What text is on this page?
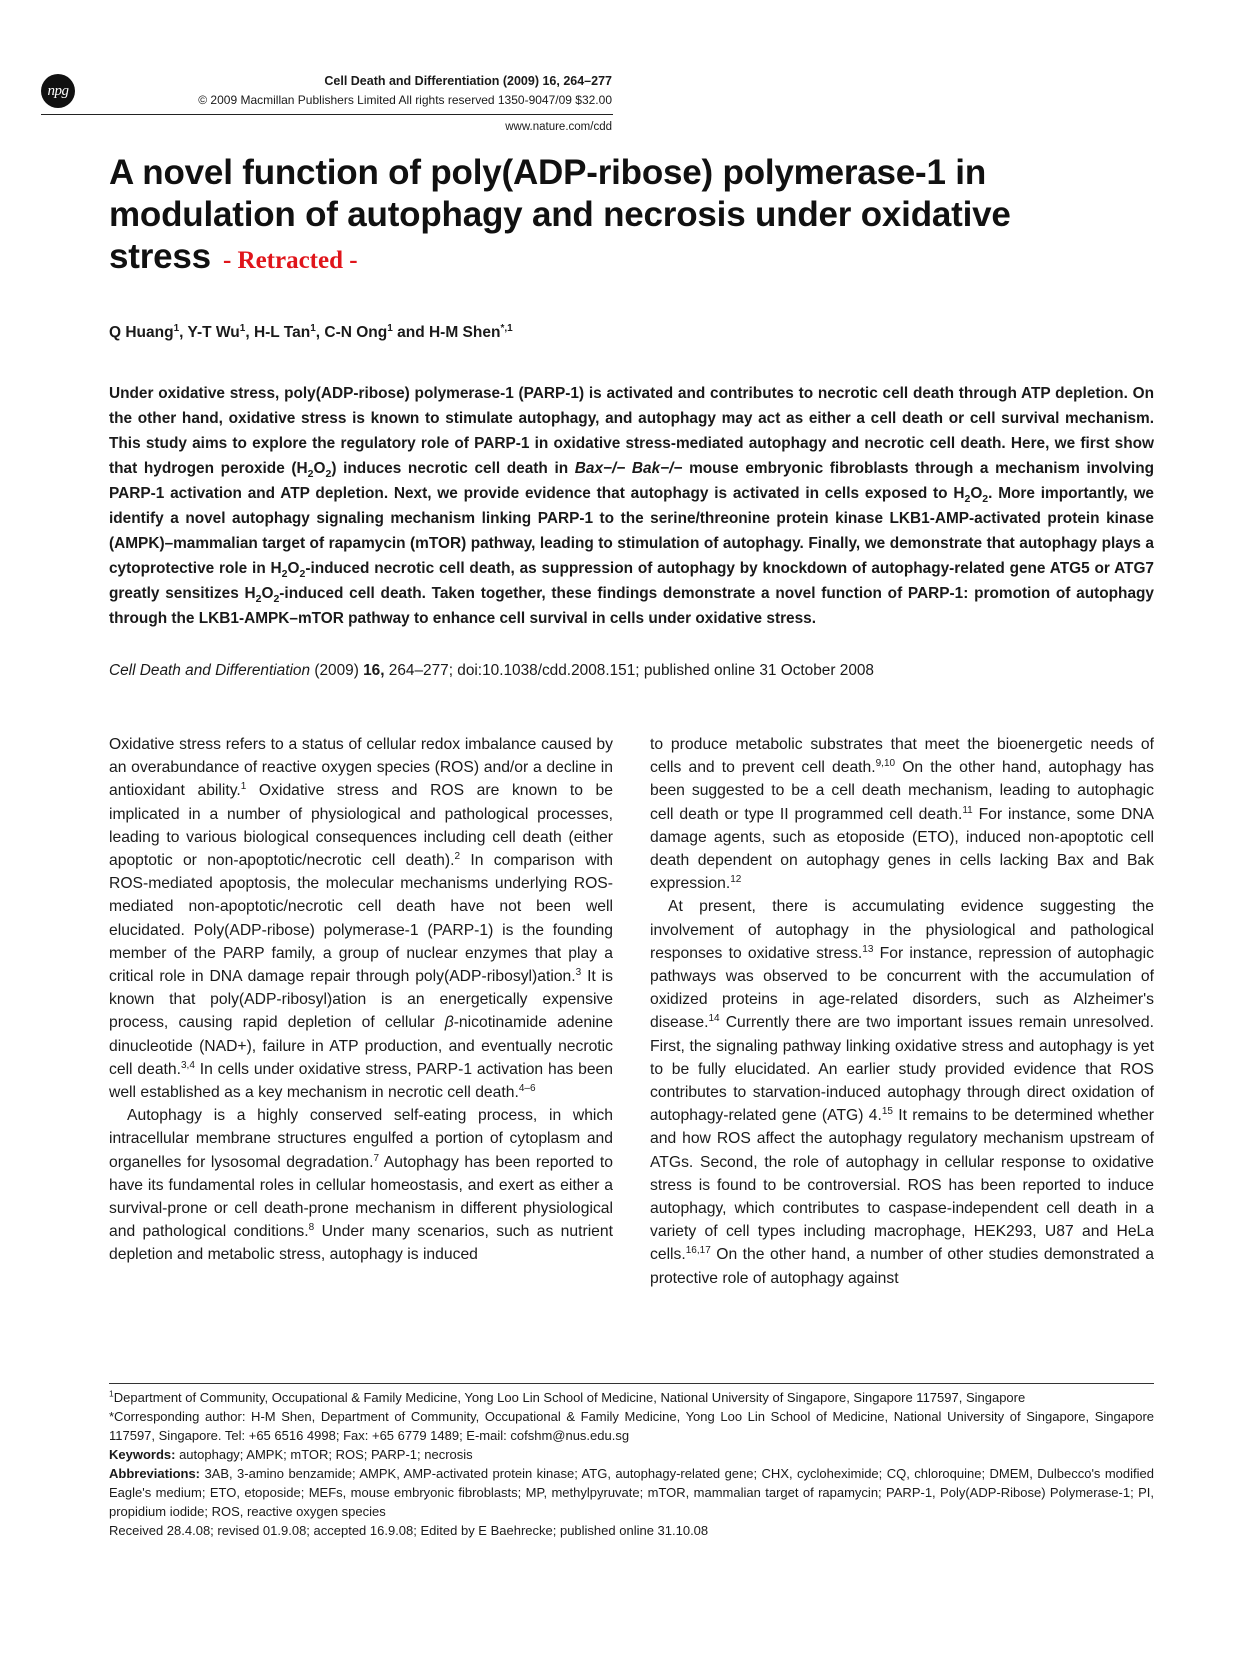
npg
Cell Death and Differentiation (2009) 16, 264–277
© 2009 Macmillan Publishers Limited All rights reserved 1350-9047/09 $32.00
www.nature.com/cdd
A novel function of poly(ADP-ribose) polymerase-1 in
modulation of autophagy and necrosis under oxidative
stress - Retracted -
Q Huang$^1$, Y-T Wu$^1$, H-L Tan$^1$, C-N Ong$^1$ and H-M Shen$^{*,1}$
Under oxidative stress, poly(ADP-ribose) polymerase-1 (PARP-1) is activated and contributes to necrotic cell death through ATP depletion. On the other hand, oxidative stress is known to stimulate autophagy, and autophagy may act as either a cell death or cell survival mechanism. This study aims to explore the regulatory role of PARP-1 in oxidative stress-mediated autophagy and necrotic cell death. Here, we first show that hydrogen peroxide $(H_2O_2)$ induces necrotic cell death in Bax−/− Bak−/− mouse embryonic fibroblasts through a mechanism involving PARP-1 activation and ATP depletion. Next, we provide evidence that autophagy is activated in cells exposed to $H_2O_2$. More importantly, we identify a novel autophagy signaling mechanism linking PARP-1 to the serine/threonine protein kinase LKB1-AMP-activated protein kinase (AMPK)–mammalian target of rapamycin (mTOR) pathway, leading to stimulation of autophagy. Finally, we demonstrate that autophagy plays a cytoprotective role in $H_2O_2$-induced necrotic cell death, as suppression of autophagy by knockdown of autophagy-related gene ATG5 or ATG7 greatly sensitizes $H_2O_2$-induced cell death. Taken together, these findings demonstrate a novel function of PARP-1: promotion of autophagy through the LKB1-AMPK–mTOR pathway to enhance cell survival in cells under oxidative stress.
Cell Death and Differentiation (2009) 16, 264–277; doi:10.1038/cdd.2008.151; published online 31 October 2008

Oxidative stress refers to a status of cellular redox imbalance caused by an overabundance of reactive oxygen species (ROS) and/or a decline in antioxidant ability.$^1$ Oxidative stress and ROS are known to be implicated in a number of physiological and pathological processes, leading to various biological consequences including cell death (either apoptotic or non-apoptotic/necrotic cell death).$^2$ In comparison with ROS-mediated apoptosis, the molecular mechanisms underlying ROS-mediated non-apoptotic/necrotic cell death have not been well elucidated. Poly(ADP-ribose) polymerase-1 (PARP-1) is the founding member of the PARP family, a group of nuclear enzymes that play a critical role in DNA damage repair through poly(ADP-ribosyl)ation.$^3$ It is known that poly(ADP-ribosyl)ation is an energetically expensive process, causing rapid depletion of cellular β-nicotinamide adenine dinucleotide (NAD+), failure in ATP production, and eventually necrotic cell death.$^{3,4}$ In cells under oxidative stress, PARP-1 activation has been well established as a key mechanism in necrotic cell death.$^{4-6}$

Autophagy is a highly conserved self-eating process, in which intracellular membrane structures engulfed a portion of cytoplasm and organelles for lysosomal degradation.$^7$ Autophagy has been reported to have its fundamental roles in cellular homeostasis, and exert as either a survival-prone or cell death-prone mechanism in different physiological and pathological conditions.$^8$ Under many scenarios, such as nutrient depletion and metabolic stress, autophagy is induced

to produce metabolic substrates that meet the bioenergetic needs of cells and to prevent cell death.$^{9,10}$ On the other hand, autophagy has been suggested to be a cell death mechanism, leading to autophagic cell death or type II programmed cell death.$^{11}$ For instance, some DNA damage agents, such as etoposide (ETO), induced non-apoptotic cell death dependent on autophagy genes in cells lacking Bax and Bak expression.$^{12}$

At present, there is accumulating evidence suggesting the involvement of autophagy in the physiological and pathological responses to oxidative stress.$^{13}$ For instance, repression of autophagic pathways was observed to be concurrent with the accumulation of oxidized proteins in age-related disorders, such as Alzheimer's disease.$^{14}$ Currently there are two important issues remain unresolved. First, the signaling pathway linking oxidative stress and autophagy is yet to be fully elucidated. An earlier study provided evidence that ROS contributes to starvation-induced autophagy through direct oxidation of autophagy-related gene (ATG) 4.15 It remains to be determined whether and how ROS affect the autophagy regulatory mechanism upstream of ATGs. Second, the role of autophagy in cellular response to oxidative stress is found to be controversial. ROS has been reported to induce autophagy, which contributes to caspase-independent cell death in a variety of cell types including macrophage, HEK293, U87 and HeLa cells.$^{16,17}$ On the other hand, a number of other studies demonstrated a protective role of autophagy against

$^1$Department of Community, Occupational & Family Medicine, Yong Loo Lin School of Medicine, National University of Singapore, Singapore 117597, Singapore

*Corresponding author: H-M Shen, Department of Community, Occupational & Family Medicine, Yong Loo Lin School of Medicine, National University of Singapore, Singapore 117597, Singapore. Tel: +65 6516 4998; Fax: +65 6779 1489; E-mail: cofshm@nus.edu.sg

Keywords: autophagy; AMPK; mTOR; ROS; PARP-1; necrosis

Abbreviations: 3AB, 3-amino benzamide; AMPK, AMP-activated protein kinase; ATG, autophagy-related gene; CHX, cycloheximide; CQ, chloroquine; DMEM, Dulbecco's modified Eagle's medium; ETO, etoposide; MEFs, mouse embryonic fibroblasts; MP, methylpyruvate; mTOR, mammalian target of rapamycin; PARP-1, Poly(ADP-Ribose) Polymerase-1; PI, propidium iodide; ROS, reactive oxygen species

Received 28.4.08; revised 01.9.08; accepted 16.9.08; Edited by E Baehrecke; published online 31.10.08
